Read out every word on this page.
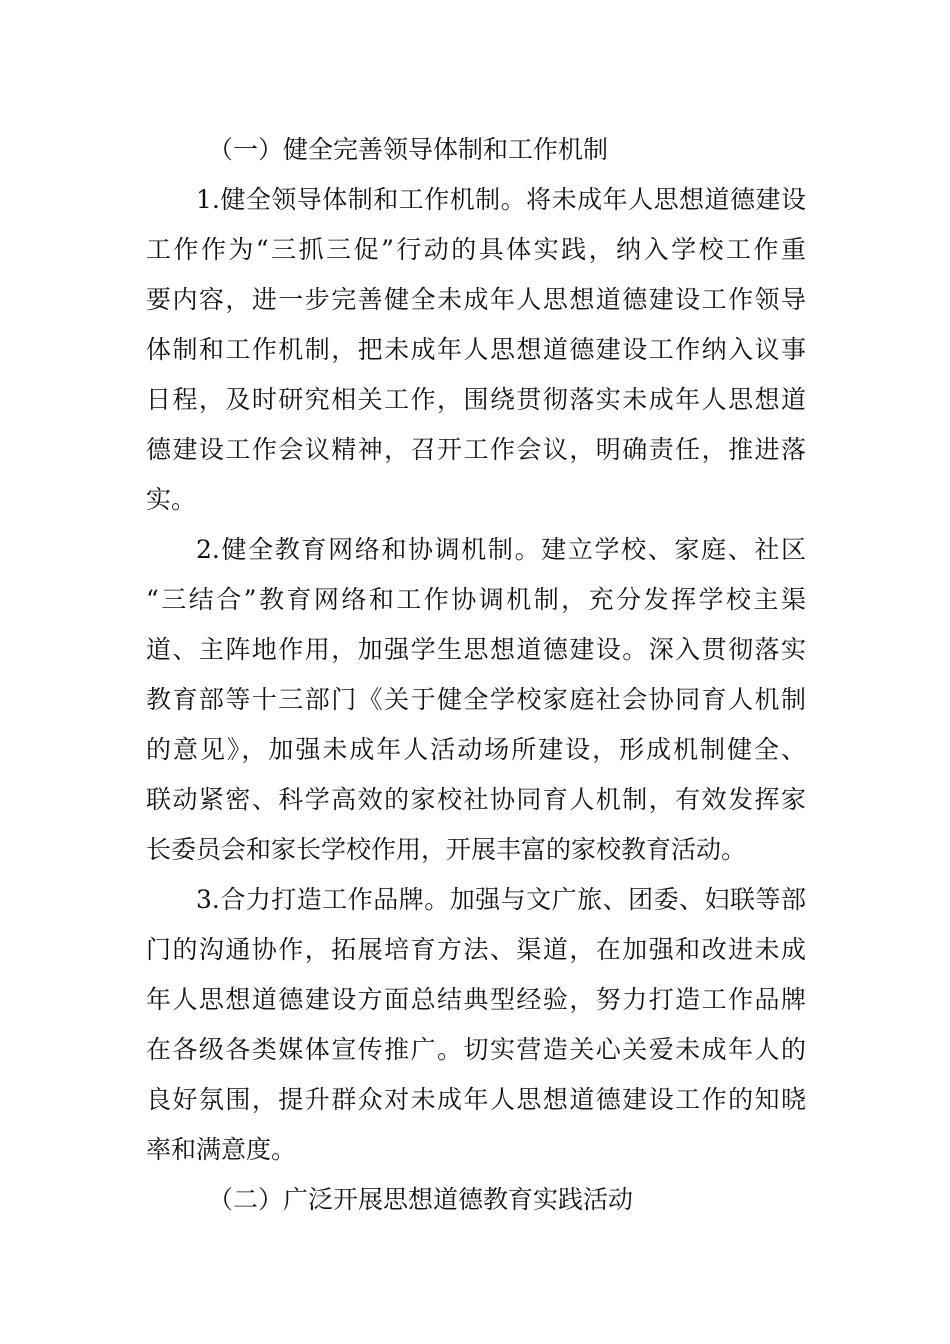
（一）健全完善领导体制和工作机制
1.健全领导体制和工作机制。将未成年人思想道德建设
工作作为“三抓三促”行动的具体实践，纳入学校工作重
要内容，进一步完善健全未成年人思想道德建设工作领导
体制和工作机制，把未成年人思想道德建设工作纳入议事
日程，及时研究相关工作，围绕贯彻落实未成年人思想道
德建设工作会议精神，召开工作会议，明确责任，推进落
实。
2.健全教育网络和协调机制。建立学校、家庭、社区
“三结合”教育网络和工作协调机制，充分发挥学校主渠
道、主阵地作用，加强学生思想道德建设。深入贯彻落实
教育部等十三部门《关于健全学校家庭社会协同育人机制
的意见》，加强未成年人活动场所建设，形成机制健全、
联动紧密、科学高效的家校社协同育人机制，有效发挥家
长委员会和家长学校作用，开展丰富的家校教育活动。
3.合力打造工作品牌。加强与文广旅、团委、妇联等部
门的沟通协作，拓展培育方法、渠道，在加强和改进未成
年人思想道德建设方面总结典型经验，努力打造工作品牌
在各级各类媒体宣传推广。切实营造关心关爱未成年人的
良好氛围，提升群众对未成年人思想道德建设工作的知晓
率和满意度。
（二）广泛开展思想道德教育实践活动
